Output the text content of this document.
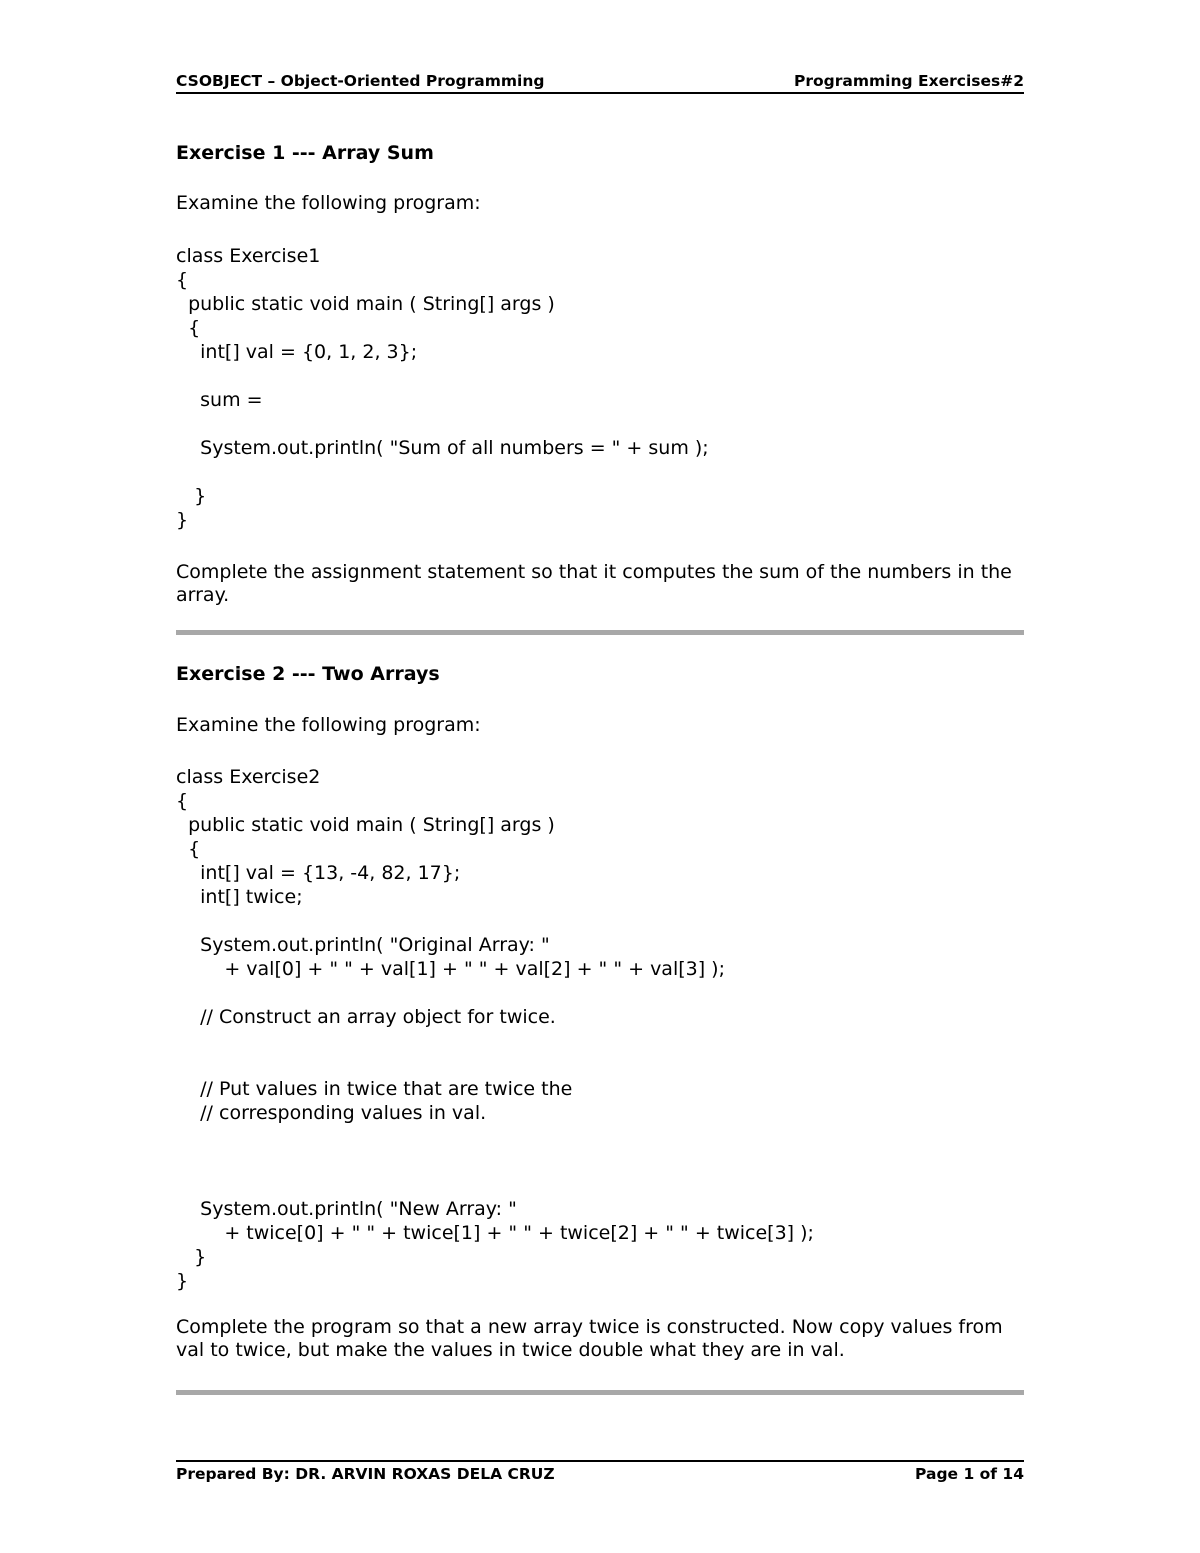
CSOBJECT – Object-Oriented Programming	Programming Exercises#2

Exercise 1 --- Array Sum

Examine the following program:

class Exercise1
{
public static void main ( String[] args )
{
int[] val = {0, 1, 2, 3};

sum =

System.out.println( "Sum of all numbers = " + sum );

}
}

Complete the assignment statement so that it computes the sum of the numbers in the array.

Exercise 2 --- Two Arrays

Examine the following program:

class Exercise2
{
public static void main ( String[] args )
{
int[] val = {13, -4, 82, 17};
int[] twice;

System.out.println( "Original Array: "
+ val[0] + " " + val[1] + " " + val[2] + " " + val[3] );

// Construct an array object for twice.

// Put values in twice that are twice the
// corresponding values in val.

System.out.println( "New Array: "
+ twice[0] + " " + twice[1] + " " + twice[2] + " " + twice[3] );
}
}

Complete the program so that a new array twice is constructed. Now copy values from val to twice, but make the values in twice double what they are in val.

Prepared By: DR. ARVIN ROXAS DELA CRUZ	Page 1 of 14
